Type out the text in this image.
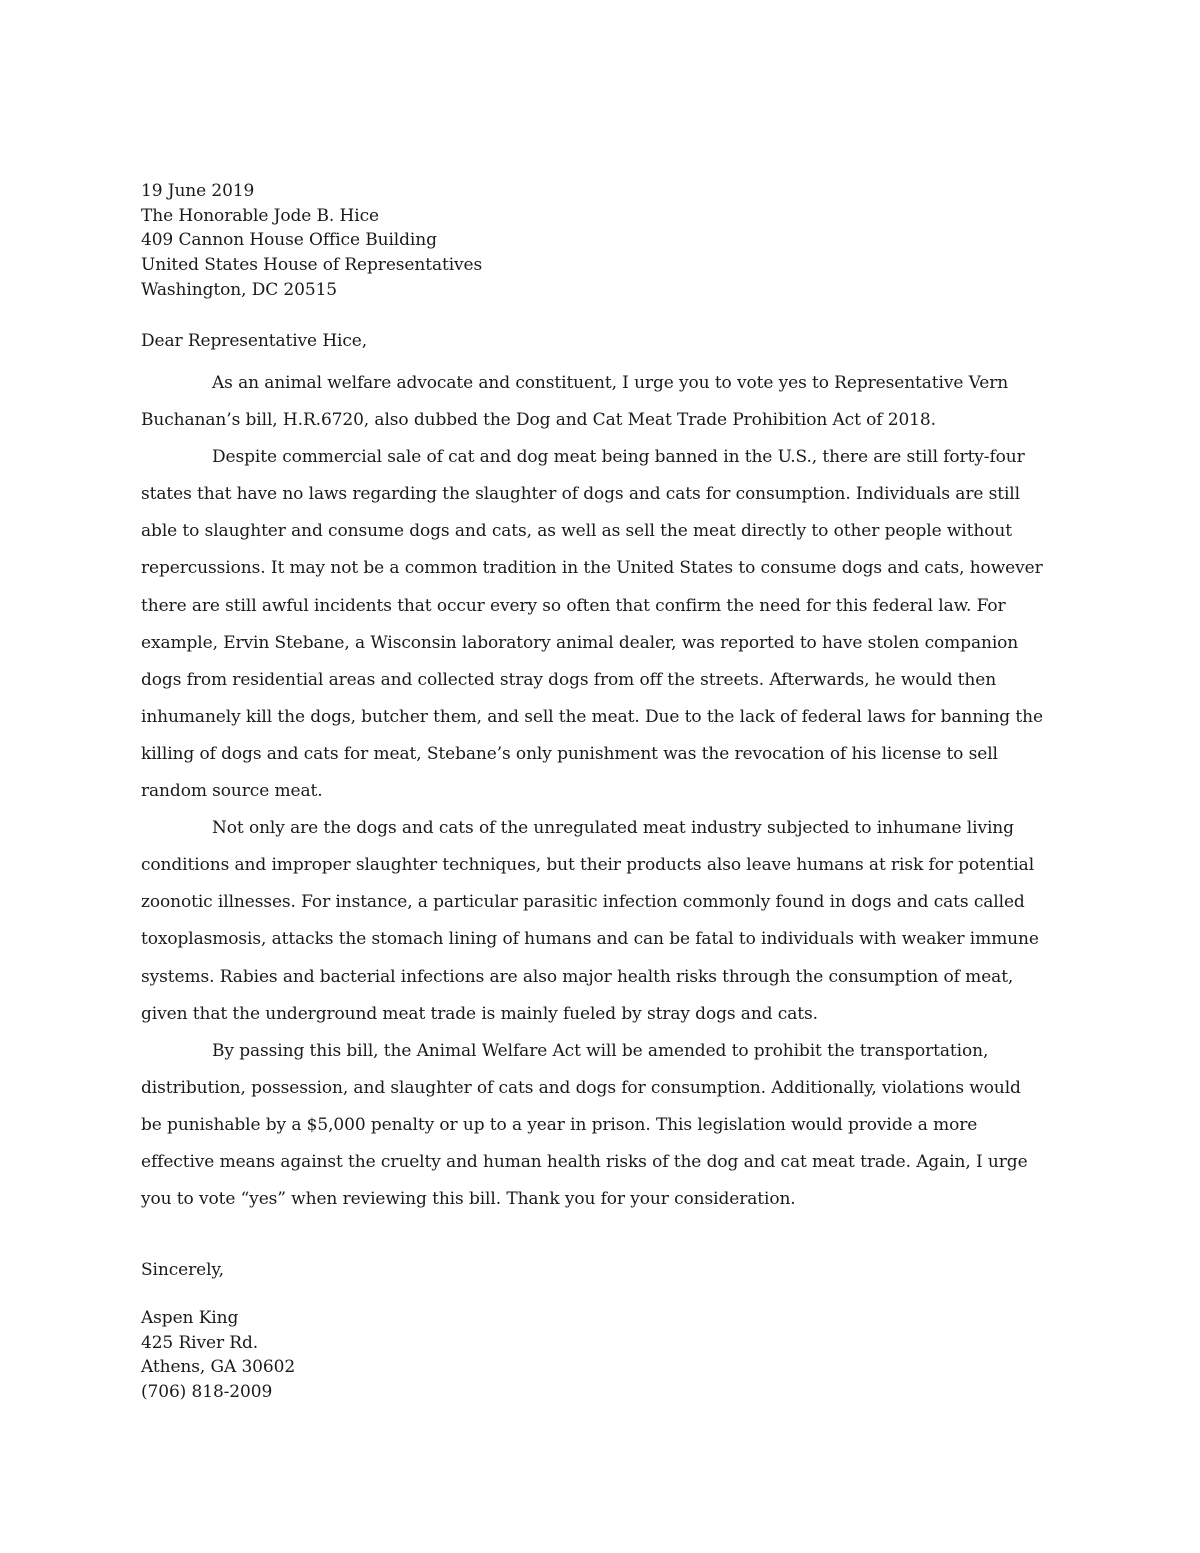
19 June 2019
The Honorable Jode B. Hice
409 Cannon House Office Building
United States House of Representatives
Washington, DC 20515
Dear Representative Hice,

As an animal welfare advocate and constituent, I urge you to vote yes to Representative Vern
Buchanan’s bill, H.R.6720, also dubbed the Dog and Cat Meat Trade Prohibition Act of 2018.

Despite commercial sale of cat and dog meat being banned in the U.S., there are still forty-four
states that have no laws regarding the slaughter of dogs and cats for consumption. Individuals are still
able to slaughter and consume dogs and cats, as well as sell the meat directly to other people without
repercussions. It may not be a common tradition in the United States to consume dogs and cats, however
there are still awful incidents that occur every so often that confirm the need for this federal law. For
example, Ervin Stebane, a Wisconsin laboratory animal dealer, was reported to have stolen companion
dogs from residential areas and collected stray dogs from off the streets. Afterwards, he would then
inhumanely kill the dogs, butcher them, and sell the meat. Due to the lack of federal laws for banning the
killing of dogs and cats for meat, Stebane’s only punishment was the revocation of his license to sell
random source meat.

Not only are the dogs and cats of the unregulated meat industry subjected to inhumane living
conditions and improper slaughter techniques, but their products also leave humans at risk for potential
zoonotic illnesses. For instance, a particular parasitic infection commonly found in dogs and cats called
toxoplasmosis, attacks the stomach lining of humans and can be fatal to individuals with weaker immune
systems. Rabies and bacterial infections are also major health risks through the consumption of meat,
given that the underground meat trade is mainly fueled by stray dogs and cats.

By passing this bill, the Animal Welfare Act will be amended to prohibit the transportation,
distribution, possession, and slaughter of cats and dogs for consumption. Additionally, violations would
be punishable by a $5,000 penalty or up to a year in prison. This legislation would provide a more
effective means against the cruelty and human health risks of the dog and cat meat trade. Again, I urge
you to vote “yes” when reviewing this bill. Thank you for your consideration.

Sincerely,
Aspen King
425 River Rd.
Athens, GA 30602
(706) 818-2009
